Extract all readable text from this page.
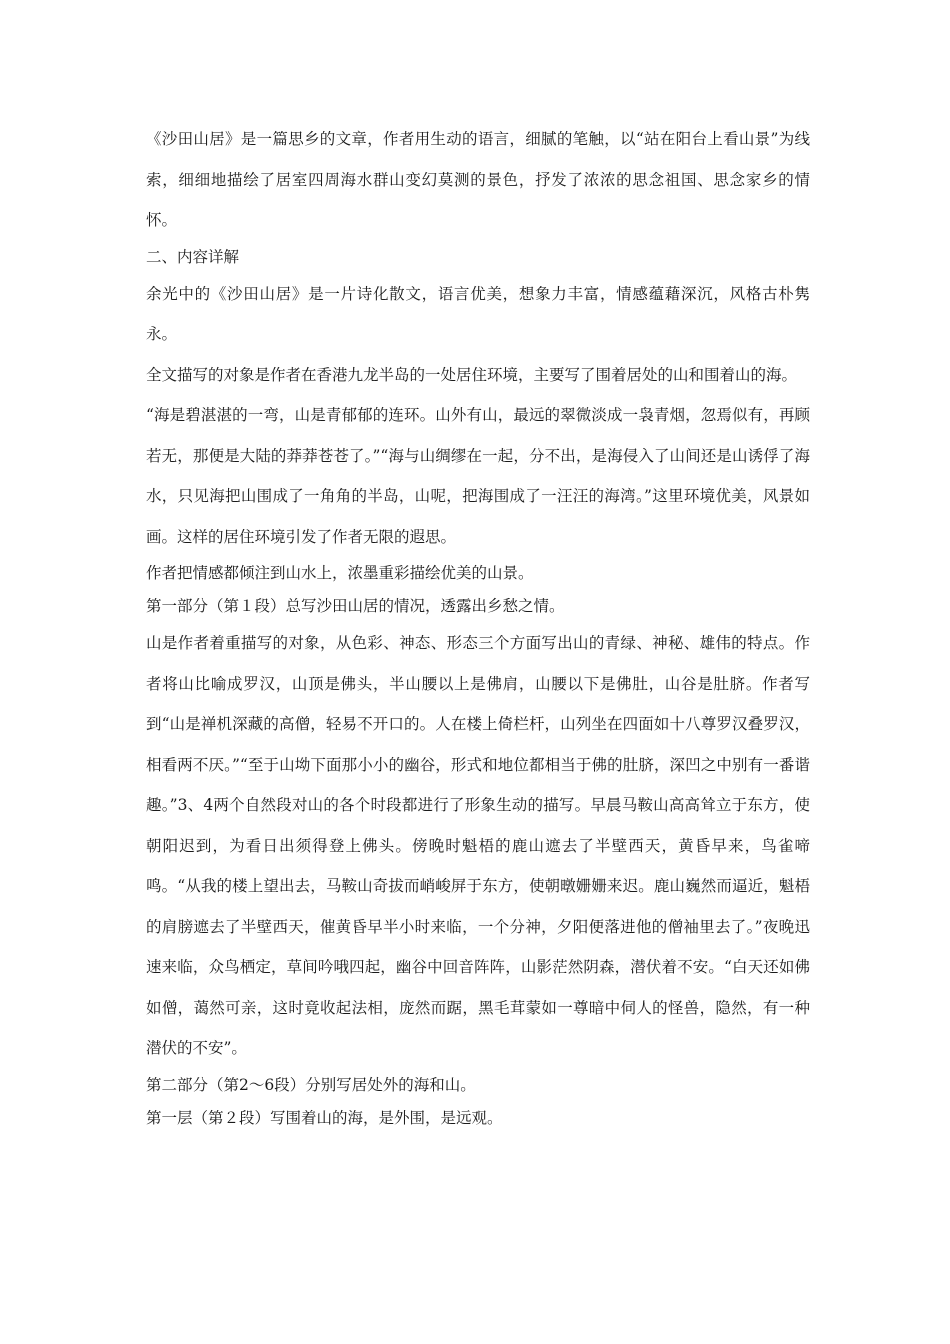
《沙田山居》是一篇思乡的文章，作者用生动的语言，细腻的笔触，以“站在阳台上看山景”为线索，细细地描绘了居室四周海水群山变幻莫测的景色，抒发了浓浓的思念祖国、思念家乡的情怀。

二、内容详解

余光中的《沙田山居》是一片诗化散文，语言优美，想象力丰富，情感蕴藉深沉，风格古朴隽永。

全文描写的对象是作者在香港九龙半岛的一处居住环境，主要写了围着居处的山和围着山的海。

“海是碧湛湛的一弯，山是青郁郁的连环。山外有山，最远的翠微淡成一袅青烟，忽焉似有，再顾若无，那便是大陆的莽莽苍苍了。”“海与山绸缪在一起，分不出，是海侵入了山间还是山诱俘了海水，只见海把山围成了一角角的半岛，山呢，把海围成了一汪汪的海湾。”这里环境优美，风景如画。这样的居住环境引发了作者无限的遐思。

作者把情感都倾注到山水上，浓墨重彩描绘优美的山景。

第一部分（第１段）总写沙田山居的情况，透露出乡愁之情。

山是作者着重描写的对象，从色彩、神态、形态三个方面写出山的青绿、神秘、雄伟的特点。作者将山比喻成罗汉，山顶是佛头，半山腰以上是佛肩，山腰以下是佛肚，山谷是肚脐。作者写到“山是禅机深藏的高僧，轻易不开口的。人在楼上倚栏杆，山列坐在四面如十八尊罗汉叠罗汉，相看两不厌。”“至于山坳下面那小小的幽谷，形式和地位都相当于佛的肚脐，深凹之中别有一番谐趣。”3、4两个自然段对山的各个时段都进行了形象生动的描写。早晨马鞍山高高耸立于东方，使朝阳迟到，为看日出须得登上佛头。傍晚时魁梧的鹿山遮去了半壁西天，黄昏早来，鸟雀啼鸣。“从我的楼上望出去，马鞍山奇拔而峭峻屏于东方，使朝暾姗姗来迟。鹿山巍然而逼近，魁梧的肩膀遮去了半壁西天，催黄昏早半小时来临，一个分神，夕阳便落进他的僧袖里去了。”夜晚迅速来临，众鸟栖定，草间吟哦四起，幽谷中回音阵阵，山影茫然阴森，潜伏着不安。“白天还如佛如僧，蔼然可亲，这时竟收起法相，庞然而踞，黑毛茸蒙如一尊暗中伺人的怪兽，隐然，有一种潜伏的不安”。

第二部分（第2～6段）分别写居处外的海和山。

第一层（第２段）写围着山的海，是外围，是远观。
